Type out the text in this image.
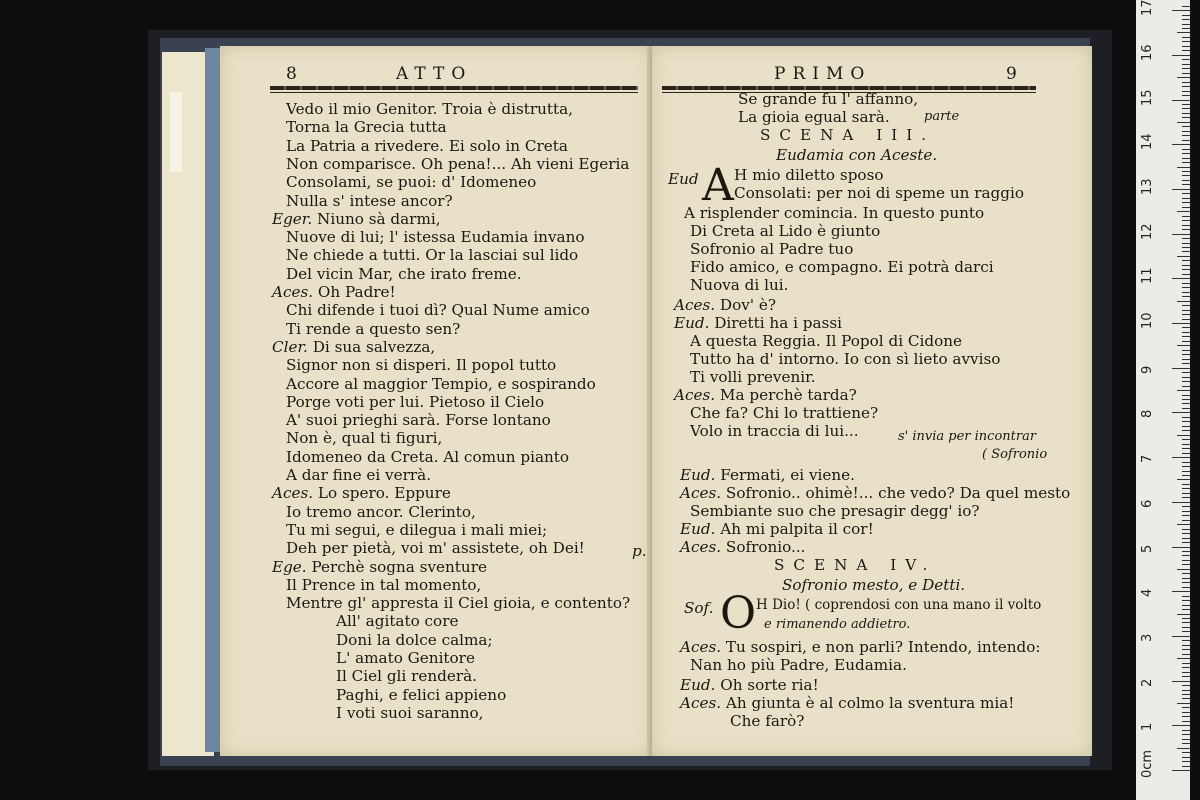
8	ATTO
Vedo il mio Genitor. Troia è distrutta,
Torna la Grecia tutta
La Patria a rivedere. Ei solo in Creta
Non comparisce. Oh pena!... Ah vieni Egeria
Consolami, se puoi: d' Idomeneo
Nulla s' intese ancor?
Eger. Niuno sà darmi,
Nuove di lui; l' istessa Eudamia invano
Ne chiede a tutti. Or la lasciai sul lido
Del vicin Mar, che irato freme.
Aces. Oh Padre!
Chi difende i tuoi dì? Qual Nume amico
Ti rende a questo sen?
Cler. Di sua salvezza,
Signor non si disperi. Il popol tutto
Accore al maggior Tempio, e sospirando
Porge voti per lui. Pietoso il Cielo
A' suoi prieghi sarà. Forse lontano
Non è, qual ti figuri,
Idomeneo da Creta. Al comun pianto
A dar fine ei verrà.
Aces. Lo spero. Eppure
Io tremo ancor. Clerinto,
Tu mi segui, e dilegua i mali miei;
Deh per pietà, voi m' assistete, oh Dei!
Ege. Perchè sogna sventure
Il Prence in tal momento,
Mentre gl' appresta il Ciel gioia, e contento?
All' agitato core
Doni la dolce calma;
L' amato Genitore
Il Ciel gli renderà.
Paghi, e felici appieno
I voti suoi saranno,
p.
PRIMO	9
Se grande fu l' affanno,
La gioia egual sarà.
Di Creta al Lido è giunto
Sofronio al Padre tuo
Fido amico, e compagno. Ei potrà darci
Nuova di lui.
Aces. Dov' è?
Eud. Diretti ha i passi
A questa Reggia. Il Popol di Cidone
Tutto ha d' intorno. Io con sì lieto avviso
Ti volli prevenir.
Aces. Ma perchè tarda?
Che fa? Chi lo trattiene?
Volo in traccia di lui...
Eud. Fermati, ei viene.
Aces. Sofronio.. ohimè!... che vedo? Da quel mesto
Sembiante suo che presagir degg' io?
Eud. Ah mi palpita il cor!
Aces. Sofronio...
Aces. Tu sospiri, e non parli? Intendo, intendo:
Nan ho più Padre, Eudamia.
Eud. Oh sorte ria!
Aces. Ah giunta è al colmo la sventura mia!
Che farò?
parte
SCENA III.
Eudamia con Aceste.
Eud A H mio diletto sposo
Consolati: per noi di speme un raggio
A risplender comincia. In questo punto
s' invia per incontrar
( Sofronio
SCENA IV.
Sofronio mesto, e Detti.
Sof. O H Dio! ( coprendosi con una mano il volto
e rimanendo addietro.
0cm
1
2
3
4
5
6
7
8
9
10
11
12
13
14
15
16
17
